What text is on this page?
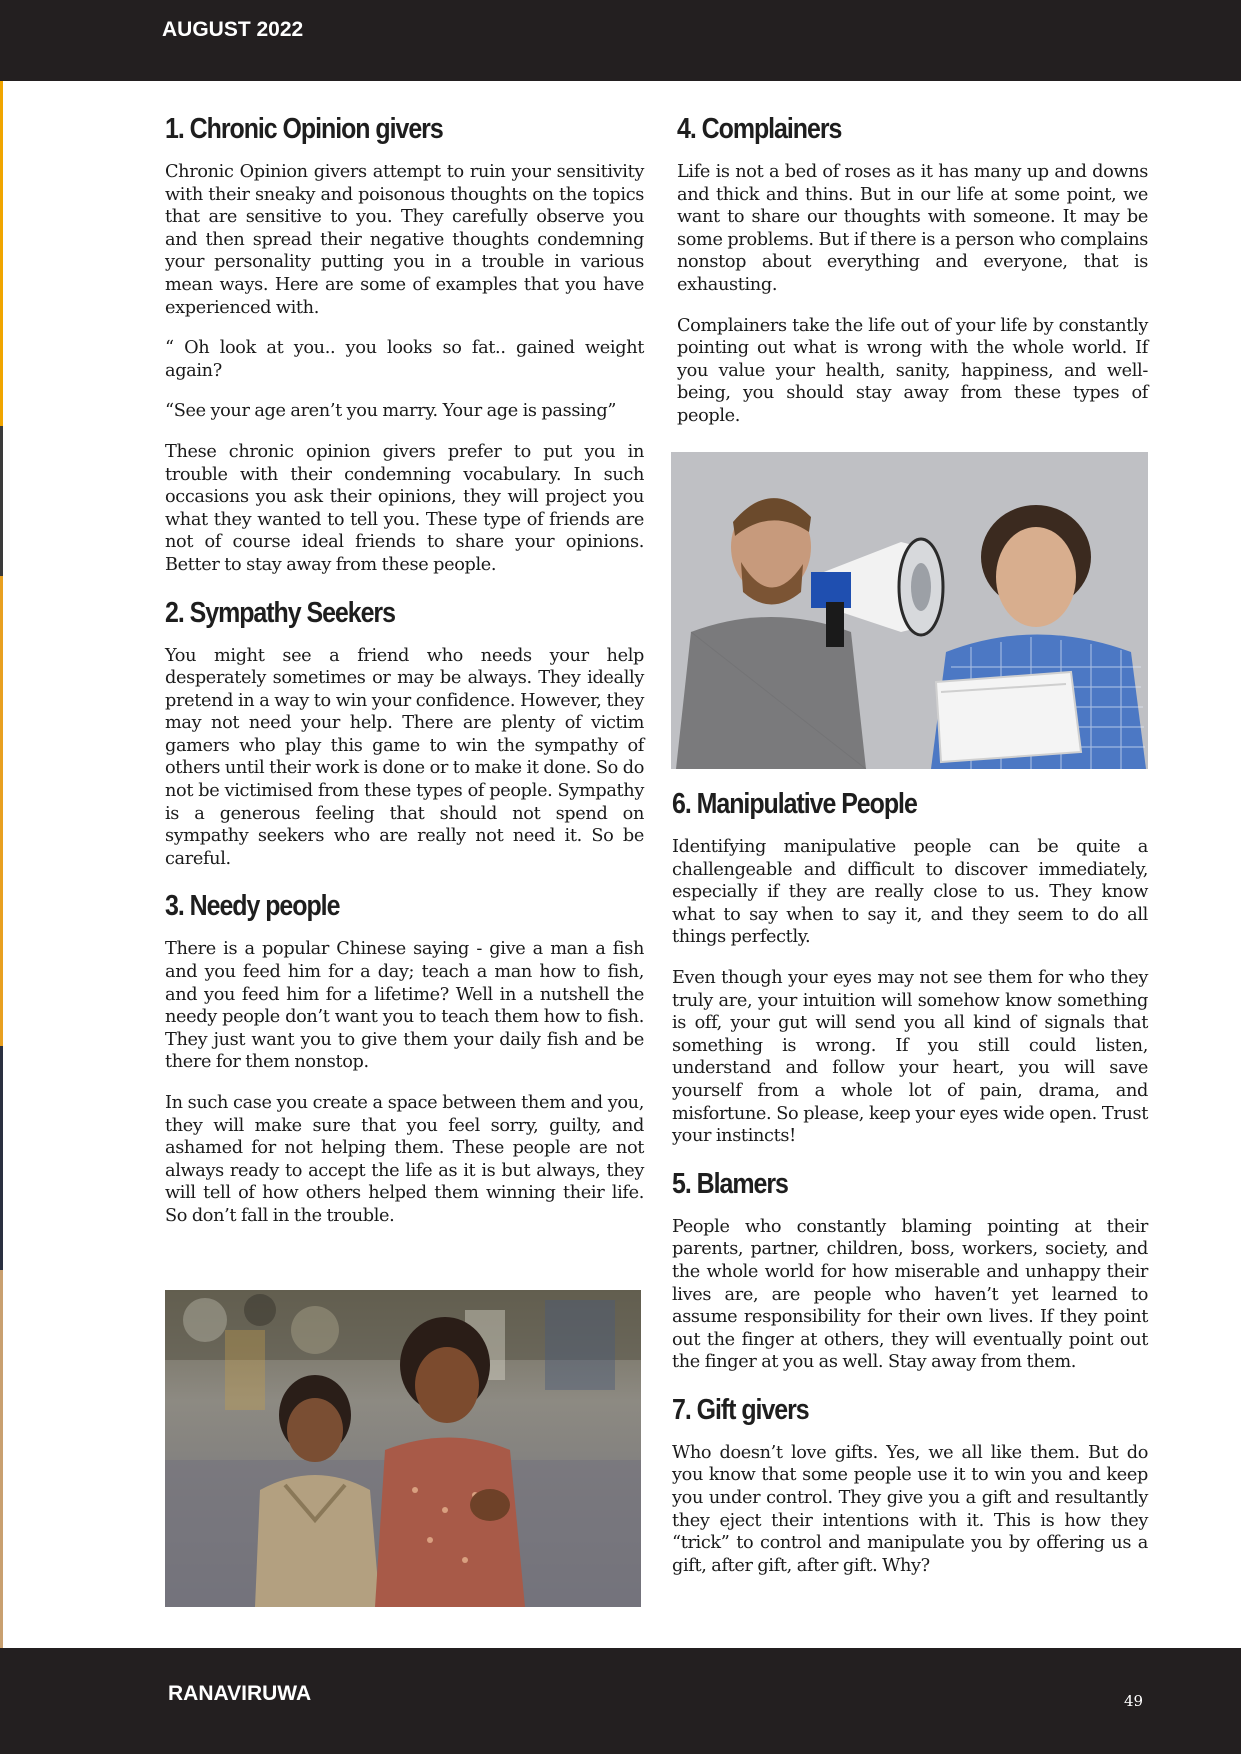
AUGUST 2022
1. Chronic Opinion givers

Chronic Opinion givers attempt to ruin your sensitivity with their sneaky and poisonous thoughts on the topics that are sensitive to you. They carefully observe you and then spread their negative thoughts condemning your personality putting you in a trouble in various mean ways. Here are some of examples that you have experienced with.

“ Oh look at you.. you looks so fat.. gained weight again?

“See your age aren’t you marry. Your age is passing”

These chronic opinion givers prefer to put you in trouble with their condemning vocabulary. In such occasions you ask their opinions, they will project you what they wanted to tell you. These type of friends are not of course ideal friends to share your opinions. Better to stay away from these people.

2. Sympathy Seekers

You might see a friend who needs your help desperately sometimes or may be always. They ideally pretend in a way to win your confidence. However, they may not need your help. There are plenty of victim gamers who play this game to win the sympathy of others until their work is done or to make it done. So do not be victimised from these types of people. Sympathy is a generous feeling that should not spend on sympathy seekers who are really not need it. So be careful.

3. Needy people

There is a popular Chinese saying - give a man a fish and you feed him for a day; teach a man how to fish, and you feed him for a lifetime? Well in a nutshell the needy people don’t want you to teach them how to fish. They just want you to give them your daily fish and be there for them nonstop.

In such case you create a space between them and you, they will make sure that you feel sorry, guilty, and ashamed for not helping them. These people are not always ready to accept the life as it is but always, they will tell of how others helped them winning their life. So don’t fall in the trouble.

4. Complainers

Life is not a bed of roses as it has many up and downs and thick and thins. But in our life at some point, we want to share our thoughts with someone. It may be some problems. But if there is a person who complains nonstop about everything and everyone, that is exhausting.

Complainers take the life out of your life by constantly pointing out what is wrong with the whole world. If you value your health, sanity, happiness, and well-being, you should stay away from these types of people.

6. Manipulative People

Identifying manipulative people can be quite a challengeable and difficult to discover immediately, especially if they are really close to us. They know what to say when to say it, and they seem to do all things perfectly.

Even though your eyes may not see them for who they truly are, your intuition will somehow know something is off, your gut will send you all kind of signals that something is wrong. If you still could listen, understand and follow your heart, you will save yourself from a whole lot of pain, drama, and misfortune. So please, keep your eyes wide open. Trust your instincts!

5. Blamers

People who constantly blaming pointing at their parents, partner, children, boss, workers, society, and the whole world for how miserable and unhappy their lives are, are people who haven’t yet learned to assume responsibility for their own lives. If they point out the finger at others, they will eventually point out the finger at you as well. Stay away from them.

7. Gift givers

Who doesn’t love gifts. Yes, we all like them. But do you know that some people use it to win you and keep you under control. They give you a gift and resultantly they eject their intentions with it. This is how they “trick” to control and manipulate you by offering us a gift, after gift, after gift. Why?

RANAVIRUWA	49
